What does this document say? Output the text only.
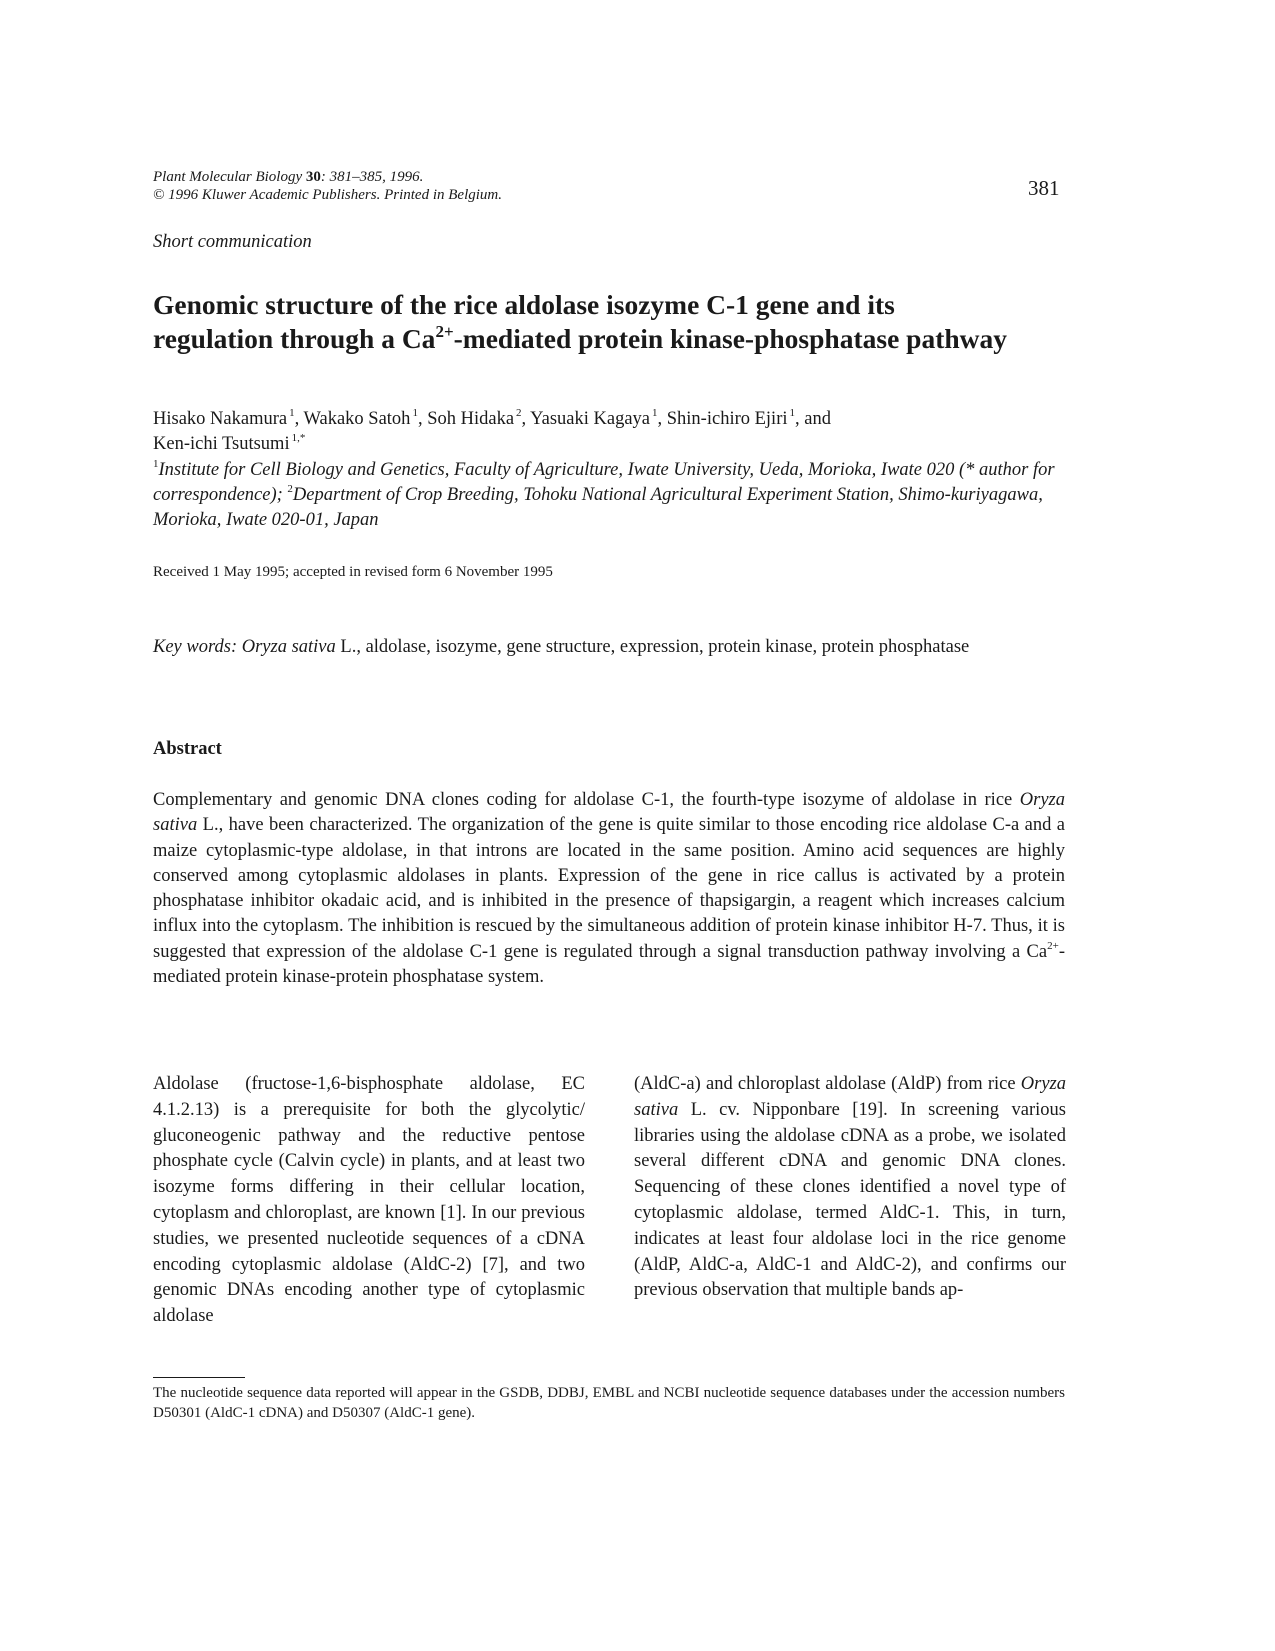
Plant Molecular Biology 30: 381–385, 1996.
© 1996 Kluwer Academic Publishers. Printed in Belgium.	381
Short communication
Genomic structure of the rice aldolase isozyme C-1 gene and its
regulation through a $Ca^{2+}$-mediated protein kinase-phosphatase pathway
Hisako Nakamura $^1$, Wakako Satoh $^1$, Soh Hidaka $^2$, Yasuaki Kagaya $^1$, Shin-ichiro Ejiri $^1$, and
Ken-ichi Tsutsumi $^{1,*}$
$^1$Institute for Cell Biology and Genetics, Faculty of Agriculture, Iwate University, Ueda, Morioka, Iwate 020 (* author for correspondence); $^2$Department of Crop Breeding, Tohoku National Agricultural Experiment Station, Shimo-kuriyagawa, Morioka, Iwate 020-01, Japan
Received 1 May 1995; accepted in revised form 6 November 1995
Key words: Oryza sativa L., aldolase, isozyme, gene structure, expression, protein kinase, protein phosphatase
Abstract
Complementary and genomic DNA clones coding for aldolase C-1, the fourth-type isozyme of aldolase in rice Oryza sativa L., have been characterized. The organization of the gene is quite similar to those encoding rice aldolase C-a and a maize cytoplasmic-type aldolase, in that introns are located in the same position. Amino acid sequences are highly conserved among cytoplasmic aldolases in plants. Expression of the gene in rice callus is activated by a protein phosphatase inhibitor okadaic acid, and is inhibited in the presence of thapsigargin, a reagent which increases calcium influx into the cytoplasm. The inhibition is rescued by the simultaneous addition of protein kinase inhibitor H-7. Thus, it is suggested that expression of the aldolase C-1 gene is regulated through a signal transduction pathway involving a $Ca^{2+}$-mediated protein kinase-protein phosphatase system.
Aldolase (fructose-1,6-bisphosphate aldolase, EC 4.1.2.13) is a prerequisite for both the glycolytic/ gluconeogenic pathway and the reductive pentose phosphate cycle (Calvin cycle) in plants, and at least two isozyme forms differing in their cellular location, cytoplasm and chloroplast, are known [1]. In our previous studies, we presented nucleotide sequences of a cDNA encoding cytoplasmic aldolase (AldC-2) [7], and two genomic DNAs encoding another type of cytoplasmic aldolase
(AldC-a) and chloroplast aldolase (AldP) from rice Oryza sativa L. cv. Nipponbare [19]. In screening various libraries using the aldolase cDNA as a probe, we isolated several different cDNA and genomic DNA clones. Sequencing of these clones identified a novel type of cytoplasmic aldolase, termed AldC-1. This, in turn, indicates at least four aldolase loci in the rice genome (AldP, AldC-a, AldC-1 and AldC-2), and confirms our previous observation that multiple bands ap-
The nucleotide sequence data reported will appear in the GSDB, DDBJ, EMBL and NCBI nucleotide sequence databases under the accession numbers D50301 (AldC-1 cDNA) and D50307 (AldC-1 gene).
